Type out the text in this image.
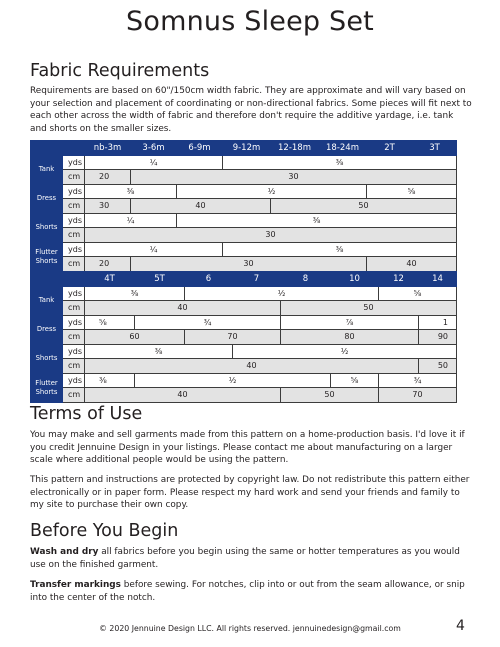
Somnus Sleep Set
Fabric Requirements
Requirements are based on 60"/150cm width fabric. They are approximate and will vary based on your selection and placement of coordinating or non-directional fabrics. Some pieces will fit next to each other across the width of fabric and therefore don't require the additive yardage, i.e. tank and shorts on the smaller sizes.
		nb-3m	3-6m	6-9m	9-12m	12-18m	18-24m	2T	3T
Tank	yds	¼			⅜				
	cm	20	30						
Dress	yds	⅜		½				⅝	
	cm	30	40			50			
Shorts	yds	¼		⅜					
	cm	30							
Flutter Shorts	yds	¼			⅜				
	cm	20	30					40	
		4T	5T	6	7	8	10	12	14
Tank	yds	⅜		½				⅝	
	cm	40				50			
Dress	yds	⅝	¾			⅞			1
	cm	60		70		80			90
Shorts	yds	⅜			½				
	cm	40							50
Flutter Shorts	yds	⅜	½				⅝	¾	
	cm	40				50		70	
Terms of Use
You may make and sell garments made from this pattern on a home-production basis. I'd love it if you credit Jennuine Design in your listings. Please contact me about manufacturing on a larger scale where additional people would be using the pattern.
This pattern and instructions are protected by copyright law. Do not redistribute this pattern either electronically or in paper form. Please respect my hard work and send your friends and family to my site to purchase their own copy.
Before You Begin
Wash and dry all fabrics before you begin using the same or hotter temperatures as you would use on the finished garment.
Transfer markings before sewing. For notches, clip into or out from the seam allowance, or snip into the center of the notch.
© 2020 Jennuine Design LLC. All rights reserved. jennuinedesign@gmail.com	4
